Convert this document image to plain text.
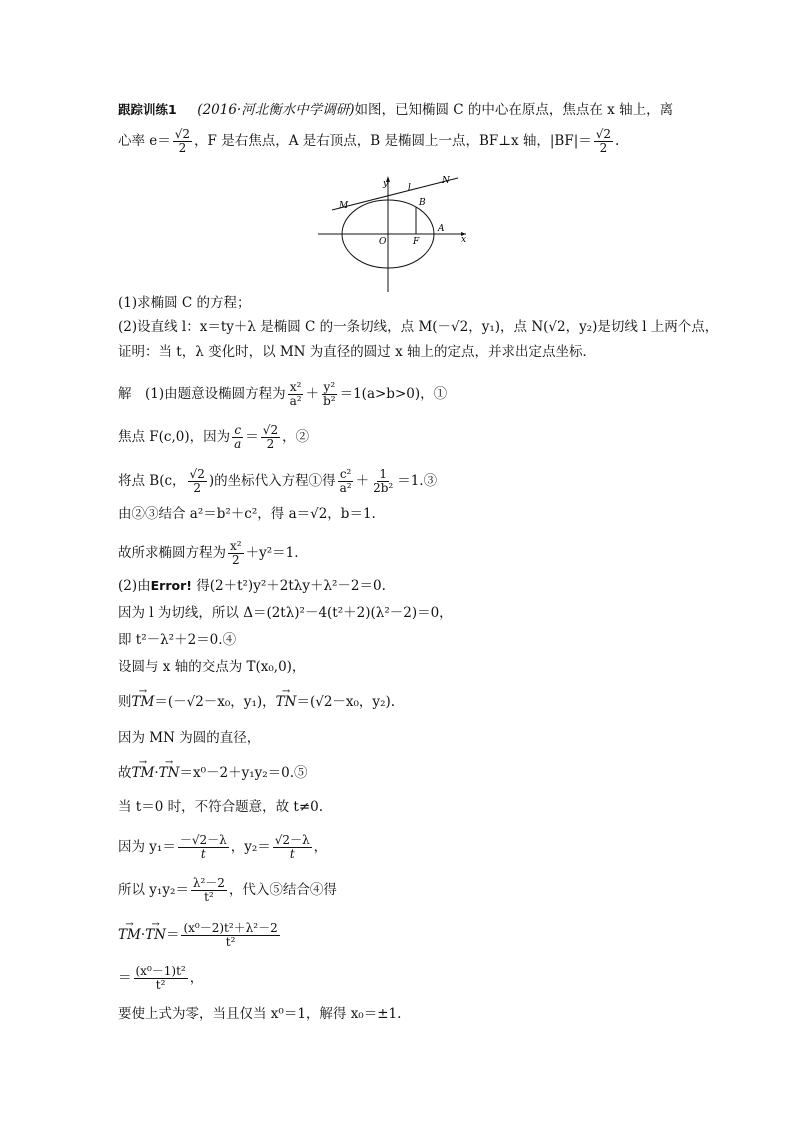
跟踪训练1 (2016·河北衡水中学调研)如图，已知椭圆 C 的中心在原点，焦点在 x 轴上，离
心率 $e= \frac{√2}{2}$ ，F 是右焦点，A 是右顶点，B 是椭圆上一点，BF⊥x 轴，$|BF|= \frac{√2}{2}$ .
y l
N
M	B
O	F
A
x
(1)求椭圆 C 的方程；
(2)设直线 l：x＝ty＋λ 是椭圆 C 的一条切线，点 M(－√2，y₁)，点 N(√2，y₂)是切线 l 上两个点，
证明：当 t，λ 变化时，以 MN 为直径的圆过 x 轴上的定点，并求出定点坐标．
解　(1)由题意设椭圆方程为 $\frac{\text{x²}}{\text{a²}} + \frac{\text{y²}}{\text{b²}} =1(a>b>0)$，①
焦点 F(c,0)，因为 $\frac{c}{a} = \frac{√2}{2}$ ，②
将点 B(c， $\frac{√2}{2}$ )的坐标代入方程①得 $\frac{\text{c²}}{\text{a²}} + \frac{1}{\text{2b²}}$ ＝1.③
由②③结合 a²＝b²＋c²，得 a＝√2，b＝1.
故所求椭圆方程为 $\frac{\text{x²}}{2} +y^2=1$.
(2)由Error! 得(2＋t²)y²＋2tλy＋λ²－2＝0.
因为 l 为切线，所以 Δ＝(2tλ)²－4(t²＋2)(λ²－2)＝0，
即 t²－λ²＋2＝0.④
设圆与 x 轴的交点为 T(x₀,0)，
则→ TM＝(－√2－x₀，y₁)，→ TN＝(√2－x₀，y₂).
因为 MN 为圆的直径，
故→ TM·→ TN＝x⁰－2＋y₁y₂＝0.⑤
当 t＝0 时，不符合题意，故 t≠0.
因为 $y_1= \frac{-√2-\lambda}{t}$ ，$y_2= \frac{√2-\lambda}{t}$ ，
所以 $y_1y_2= \frac{\text{λ²－2}}{\text{t²}}$ ，代入⑤结合④得
→ $TM\cdot\to TN= \frac{\text{(x⁰－2)t²＋λ²－2}}{\text{t²}}$
＝ $\frac{\text{(x⁰－1)t²}}{\text{t²}}$ ，
要使上式为零，当且仅当 x⁰＝1，解得 x₀＝±1.
